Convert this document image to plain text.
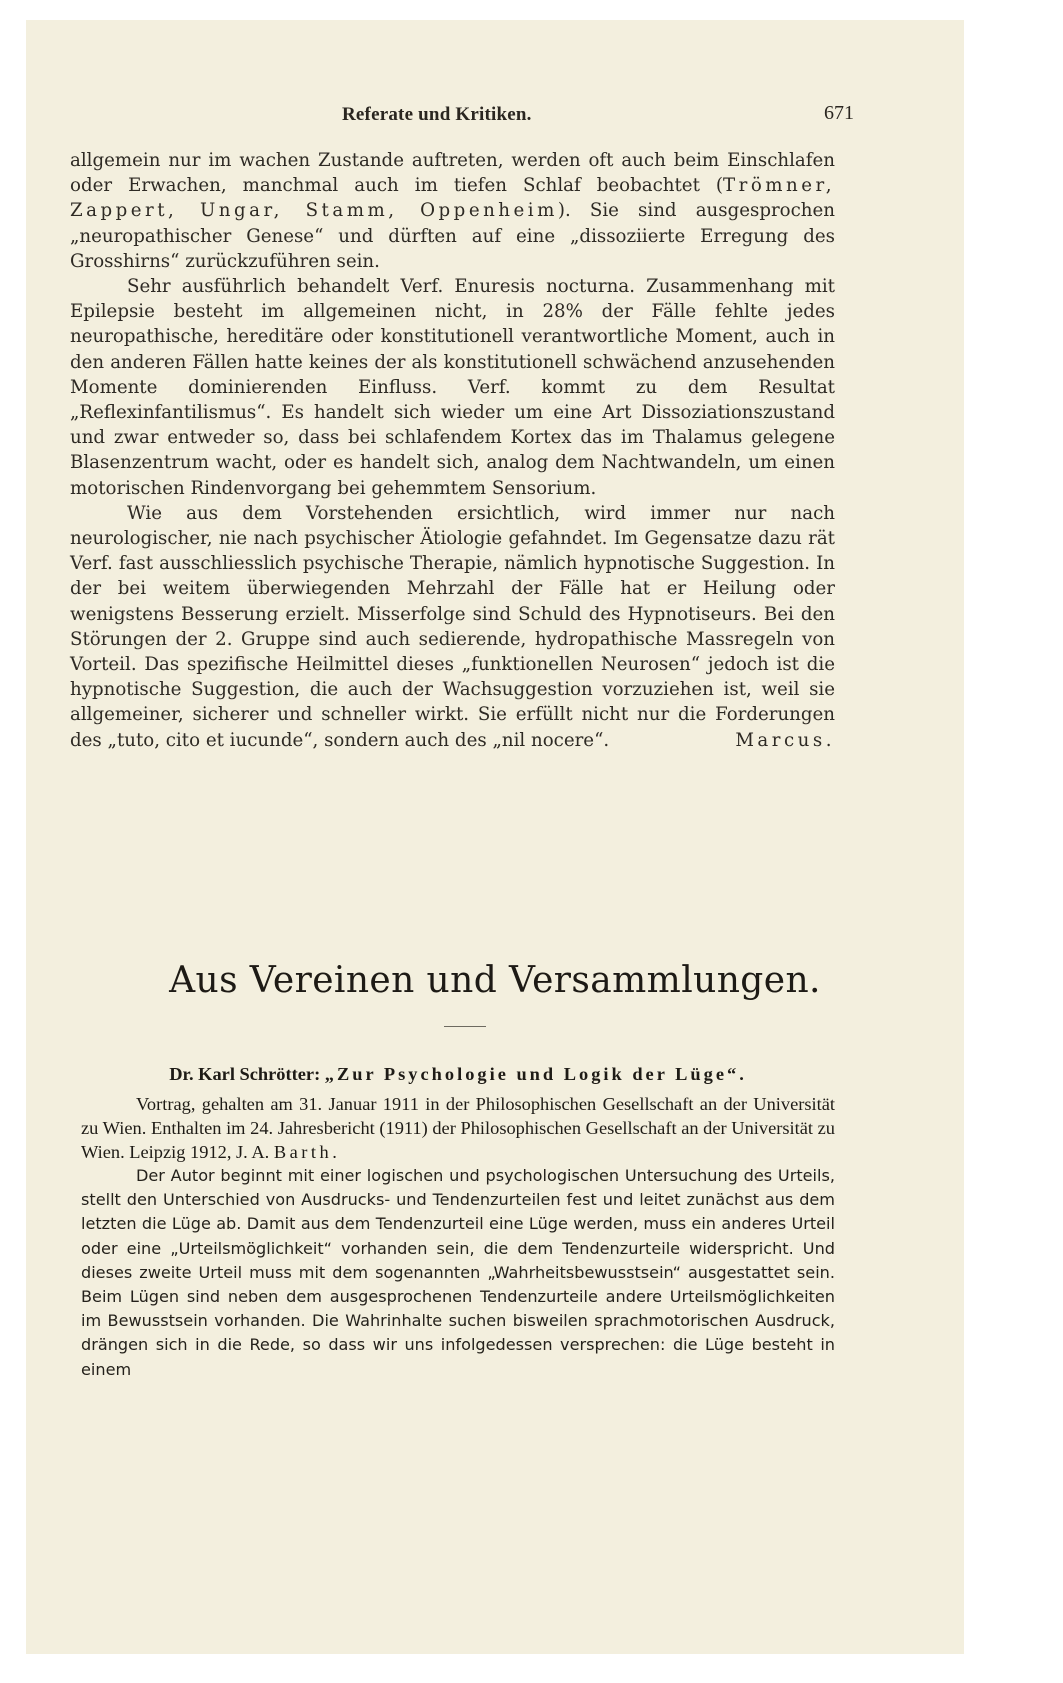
Referate und Kritiken.	671

allgemein nur im wachen Zustande auftreten, werden oft auch beim Einschlafen oder Erwachen, manchmal auch im tiefen Schlaf beobachtet (Trömner, Zappert, Ungar, Stamm, Oppenheim). Sie sind ausgesprochen „neuropathischer Genese“ und dürften auf eine „dissoziierte Erregung des Grosshirns“ zurückzuführen sein.

Sehr ausführlich behandelt Verf. Enuresis nocturna. Zusammenhang mit Epilepsie besteht im allgemeinen nicht, in 28% der Fälle fehlte jedes neuropathische, hereditäre oder konstitutionell verantwortliche Moment, auch in den anderen Fällen hatte keines der als konstitutionell schwächend anzusehenden Momente dominierenden Einfluss. Verf. kommt zu dem Resultat „Reflexinfantilismus“. Es handelt sich wieder um eine Art Dissoziationszustand und zwar entweder so, dass bei schlafendem Kortex das im Thalamus gelegene Blasenzentrum wacht, oder es handelt sich, analog dem Nachtwandeln, um einen motorischen Rindenvorgang bei gehemmtem Sensorium.

Wie aus dem Vorstehenden ersichtlich, wird immer nur nach neurologischer, nie nach psychischer Ätiologie gefahndet. Im Gegensatze dazu rät Verf. fast ausschliesslich psychische Therapie, nämlich hypnotische Suggestion. In der bei weitem überwiegenden Mehrzahl der Fälle hat er Heilung oder wenigstens Besserung erzielt. Misserfolge sind Schuld des Hypnotiseurs. Bei den Störungen der 2. Gruppe sind auch sedierende, hydropathische Massregeln von Vorteil. Das spezifische Heilmittel dieses „funktionellen Neurosen“ jedoch ist die hypnotische Suggestion, die auch der Wachsuggestion vorzuziehen ist, weil sie allgemeiner, sicherer und schneller wirkt. Sie erfüllt nicht nur die Forderungen des „tuto, cito et iucunde“, sondern auch des „nil nocere“.	Marcus.

Aus Vereinen und Versammlungen.

Dr. Karl Schrötter: „Zur Psychologie und Logik der Lüge“.

Vortrag, gehalten am 31. Januar 1911 in der Philosophischen Gesellschaft an der Universität zu Wien. Enthalten im 24. Jahresbericht (1911) der Philosophischen Gesellschaft an der Universität zu Wien. Leipzig 1912, J. A. Barth.

Der Autor beginnt mit einer logischen und psychologischen Untersuchung des Urteils, stellt den Unterschied von Ausdrucks- und Tendenzurteilen fest und leitet zunächst aus dem letzten die Lüge ab. Damit aus dem Tendenzurteil eine Lüge werden, muss ein anderes Urteil oder eine „Urteilsmöglichkeit“ vorhanden sein, die dem Tendenzurteile widerspricht. Und dieses zweite Urteil muss mit dem sogenannten „Wahrheitsbewusstsein“ ausgestattet sein. Beim Lügen sind neben dem ausgesprochenen Tendenzurteile andere Urteilsmöglichkeiten im Bewusstsein vorhanden. Die Wahrinhalte suchen bisweilen sprachmotorischen Ausdruck, drängen sich in die Rede, so dass wir uns infolgedessen versprechen: die Lüge besteht in einem
